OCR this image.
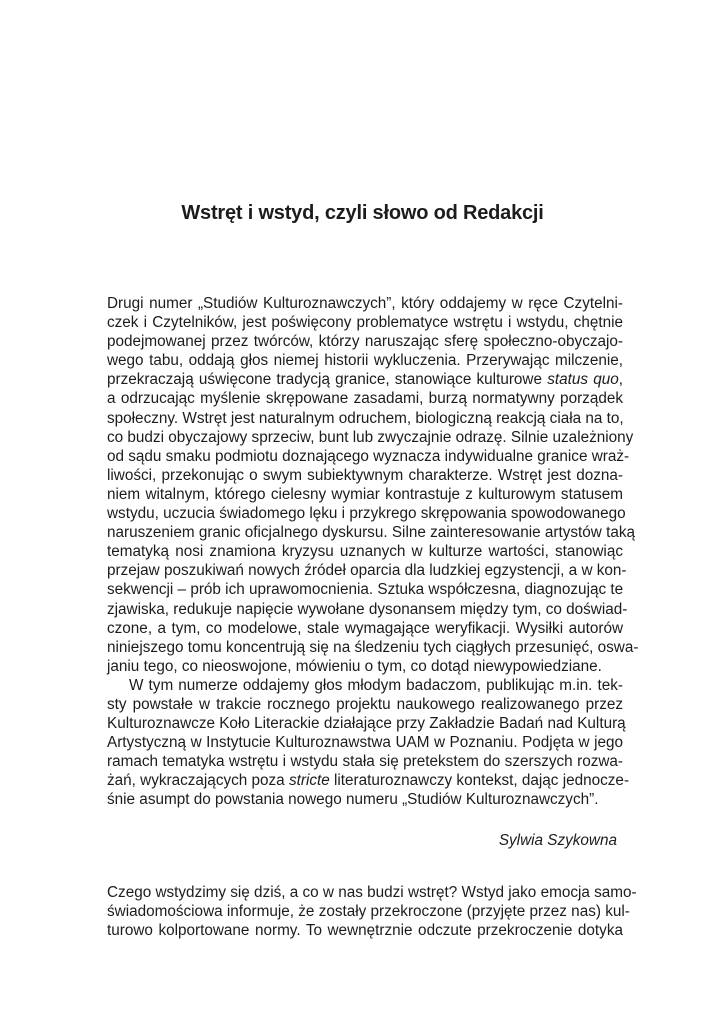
Wstręt i wstyd, czyli słowo od Redakcji
Drugi numer „Studiów Kulturoznawczych”, który oddajemy w ręce Czytelni-
czek i Czytelników, jest poświęcony problematyce wstrętu i wstydu, chętnie
podejmowanej przez twórców, którzy naruszając sferę społeczno-obyczajo-
wego tabu, oddają głos niemej historii wykluczenia. Przerywając milczenie,
przekraczają uświęcone tradycją granice, stanowiące kulturowe status quo,
a odrzucając myślenie skrępowane zasadami, burzą normatywny porządek
społeczny. Wstręt jest naturalnym odruchem, biologiczną reakcją ciała na to,
co budzi obyczajowy sprzeciw, bunt lub zwyczajnie odrazę. Silnie uzależniony
od sądu smaku podmiotu doznającego wyznacza indywidualne granice wraż-
liwości, przekonując o swym subiektywnym charakterze. Wstręt jest dozna-
niem witalnym, którego cielesny wymiar kontrastuje z kulturowym statusem
wstydu, uczucia świadomego lęku i przykrego skrępowania spowodowanego
naruszeniem granic oficjalnego dyskursu. Silne zainteresowanie artystów taką
tematyką nosi znamiona kryzysu uznanych w kulturze wartości, stanowiąc
przejaw poszukiwań nowych źródeł oparcia dla ludzkiej egzystencji, a w kon-
sekwencji – prób ich uprawomocnienia. Sztuka współczesna, diagnozując te
zjawiska, redukuje napięcie wywołane dysonansem między tym, co doświad-
czone, a tym, co modelowe, stale wymagające weryfikacji. Wysiłki autorów
niniejszego tomu koncentrują się na śledzeniu tych ciągłych przesunięć, oswa-
janiu tego, co nieoswojone, mówieniu o tym, co dotąd niewypowiedziane.
W tym numerze oddajemy głos młodym badaczom, publikując m.in. tek-
sty powstałe w trakcie rocznego projektu naukowego realizowanego przez
Kulturoznawcze Koło Literackie działające przy Zakładzie Badań nad Kulturą
Artystyczną w Instytucie Kulturoznawstwa UAM w Poznaniu. Podjęta w jego
ramach tematyka wstrętu i wstydu stała się pretekstem do szerszych rozwa-
żań, wykraczających poza stricte literaturoznawczy kontekst, dając jednocze-
śnie asumpt do powstania nowego numeru „Studiów Kulturoznawczych”.
Sylwia Szykowna
Czego wstydzimy się dziś, a co w nas budzi wstręt? Wstyd jako emocja samo-
świadomościowa informuje, że zostały przekroczone (przyjęte przez nas) kul-
turowo kolportowane normy. To wewnętrznie odczute przekroczenie dotyka
